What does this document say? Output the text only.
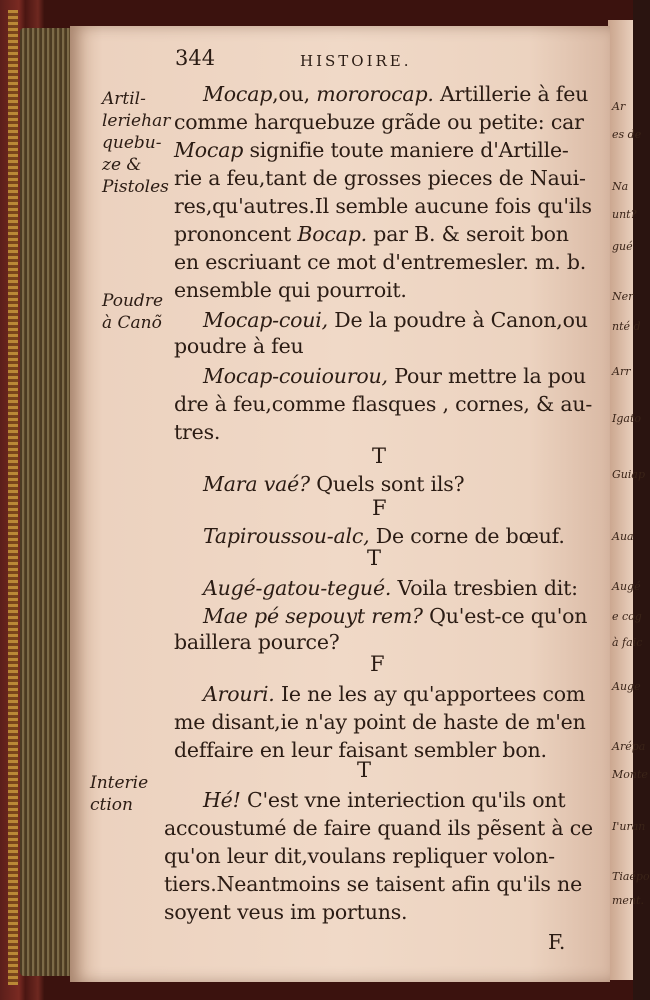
Ar
es de
Na
unt?
gué
Ner
nté d
Arr
Igato
Guiap
Aua
Augé
e cog
à faic
Auge
Arépa
Monte
I'uran
Tiaépo
ment.
344	HISTOIRE.
Artil-
leriehar
quebu-
ze &
Pistoles
Poudre
à Canõ
Interie
ction
Mocap,ou, mororocap. Artillerie à feu
comme harquebuze grãde ou petite: car
Mocap signifie toute maniere d'Artille-
rie a feu,tant de grosses pieces de Naui-
res,qu'autres.Il semble aucune fois qu'ils
prononcent Bocap. par B. & seroit bon
en escriuant ce mot d'entremesler. m. b.
ensemble qui pourroit.
Mocap-coui, De la poudre à Canon,ou
poudre à feu
Mocap-couiourou, Pour mettre la pou
dre à feu,comme flasques , cornes, & au-
tres.
T
Mara vaé? Quels sont ils?
F
Tapiroussou-alc, De corne de bœuf.
T
Augé-gatou-tegué. Voila tresbien dit:
Mae pé sepouyt rem? Qu'est-ce qu'on
baillera pource?
F
Arouri. Ie ne les ay qu'apportees com
me disant,ie n'ay point de haste de m'en
deffaire en leur faisant sembler bon.
T
Hé! C'est vne interiection qu'ils ont
accoustumé de faire quand ils pẽsent à ce
qu'on leur dit,voulans repliquer volon-
tiers.Neantmoins se taisent afin qu'ils ne
soyent veus im portuns.
F.
